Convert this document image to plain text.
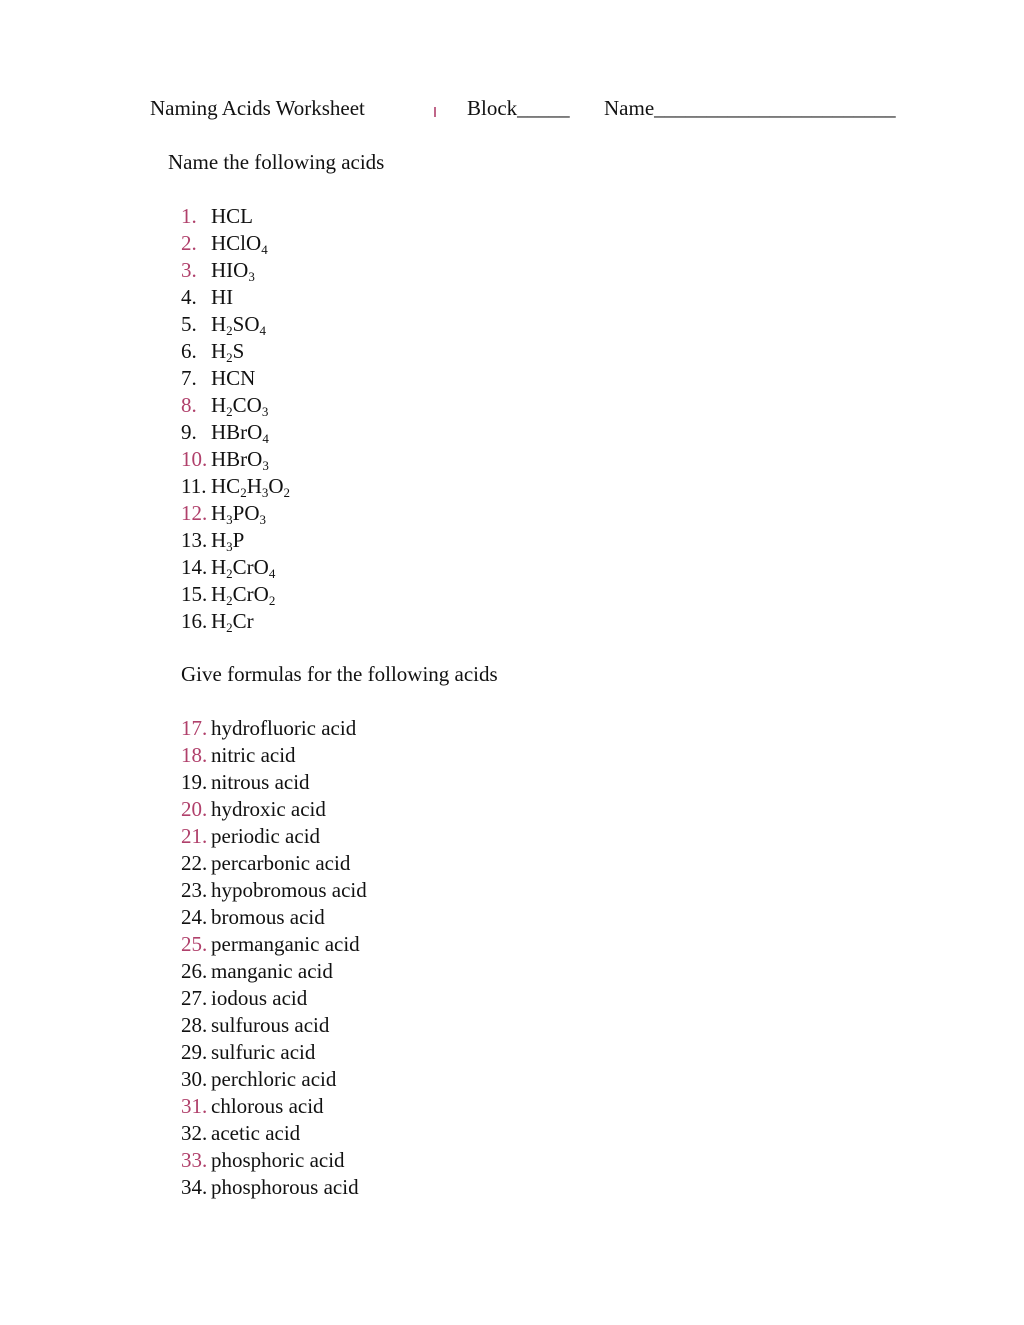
Naming Acids Worksheet	Block_____ Name_______________________
Name the following acids
1. HCL
2. HClO$_4$
3. $HIO_3$
4. HI
5. $H_2SO_4$
6. $H_2S$
7. HCN
8. $H_2CO_3$
9. HBrO$_4$
10. HBrO$_3$
11. $HC_2H_3O_2$
12. $H_3PO_3$
13. $H_3P$
14. $H_2CrO_4$
15. $H_2CrO_2$
16. $H_2Cr$
Give formulas for the following acids
17. hydrofluoric acid
18. nitric acid
19. nitrous acid
20. hydroxic acid
21. periodic acid
22. percarbonic acid
23. hypobromous acid
24. bromous acid
25. permanganic acid
26. manganic acid
27. iodous acid
28. sulfurous acid
29. sulfuric acid
30. perchloric acid
31. chlorous acid
32. acetic acid
33. phosphoric acid
34. phosphorous acid
